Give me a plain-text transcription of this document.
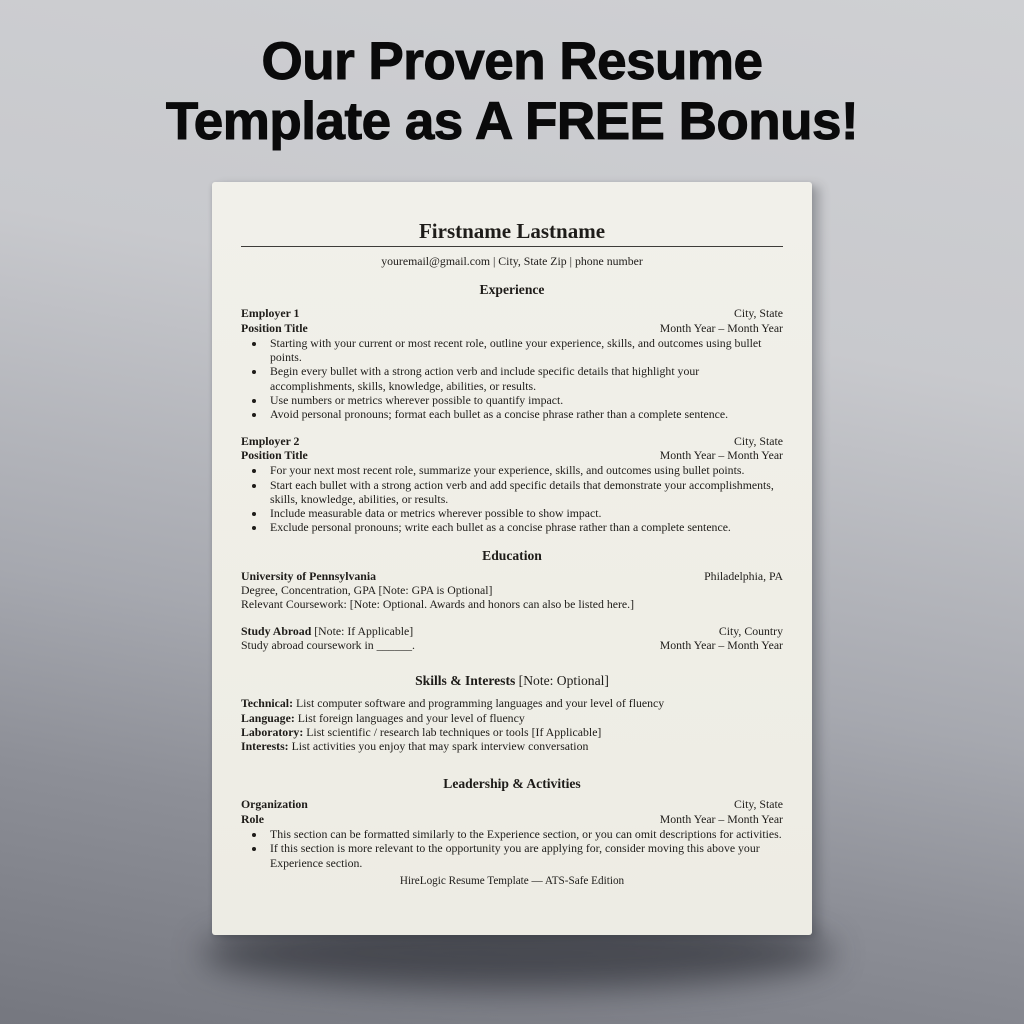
Our Proven Resume
Template as A FREE Bonus!
Firstname Lastname
youremail@gmail.com | City, State Zip | phone number
Experience
Employer 1	City, State
Position Title	Month Year – Month Year
• Starting with your current or most recent role, outline your experience, skills, and outcomes using bullet points.
• Begin every bullet with a strong action verb and include specific details that highlight your accomplishments, skills, knowledge, abilities, or results.
• Use numbers or metrics wherever possible to quantify impact.
• Avoid personal pronouns; format each bullet as a concise phrase rather than a complete sentence.
Employer 2	City, State
Position Title	Month Year – Month Year
• For your next most recent role, summarize your experience, skills, and outcomes using bullet points.
• Start each bullet with a strong action verb and add specific details that demonstrate your accomplishments, skills, knowledge, abilities, or results.
• Include measurable data or metrics wherever possible to show impact.
• Exclude personal pronouns; write each bullet as a concise phrase rather than a complete sentence.
Education
University of Pennsylvania	Philadelphia, PA
Degree, Concentration, GPA [Note: GPA is Optional]
Relevant Coursework: [Note: Optional. Awards and honors can also be listed here.]
Study Abroad [Note: If Applicable]	City, Country
Study abroad coursework in ______.	Month Year – Month Year
Skills & Interests [Note: Optional]
Technical: List computer software and programming languages and your level of fluency
Language: List foreign languages and your level of fluency
Laboratory: List scientific / research lab techniques or tools [If Applicable]
Interests: List activities you enjoy that may spark interview conversation
Leadership & Activities
Organization	City, State
Role	Month Year – Month Year
• This section can be formatted similarly to the Experience section, or you can omit descriptions for activities.
• If this section is more relevant to the opportunity you are applying for, consider moving this above your Experience section.
HireLogic Resume Template — ATS-Safe Edition
